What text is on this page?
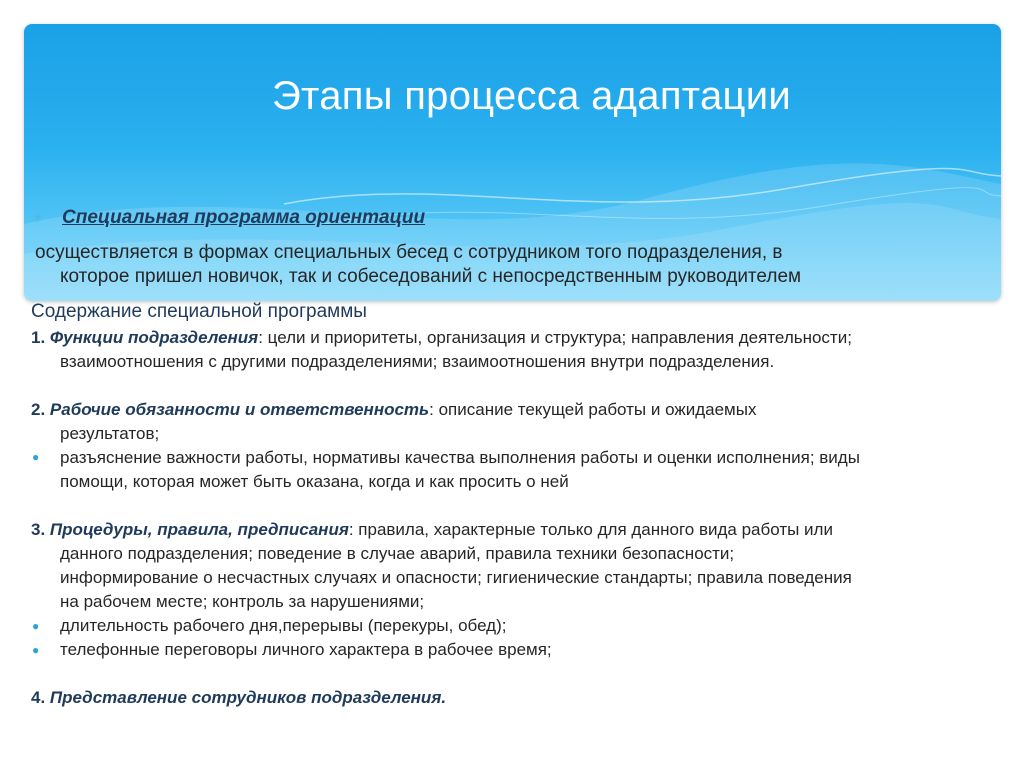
Этапы процесса адаптации
✳ Специальная программа ориентации
осуществляется в формах специальных бесед с сотрудником того подразделения, в
которое пришел новичок, так и собеседований с непосредственным руководителем
Содержание специальной программы
1. Функции подразделения: цели и приоритеты, организация и структура; направления деятельности;
взаимоотношения с другими подразделениями; взаимоотношения внутри подразделения.
2. Рабочие обязанности и ответственность: описание текущей работы и ожидаемых
результатов;
● разъяснение важности работы, нормативы качества выполнения работы и оценки исполнения; виды
помощи, которая может быть оказана, когда и как просить о ней
3. Процедуры, правила, предписания: правила, характерные только для данного вида работы или
данного подразделения; поведение в случае аварий, правила техники безопасности;
информирование о несчастных случаях и опасности; гигиенические стандарты; правила поведения
на рабочем месте; контроль за нарушениями;
● длительность рабочего дня,перерывы (перекуры, обед);
● телефонные переговоры личного характера в рабочее время;
4. Представление сотрудников подразделения.
